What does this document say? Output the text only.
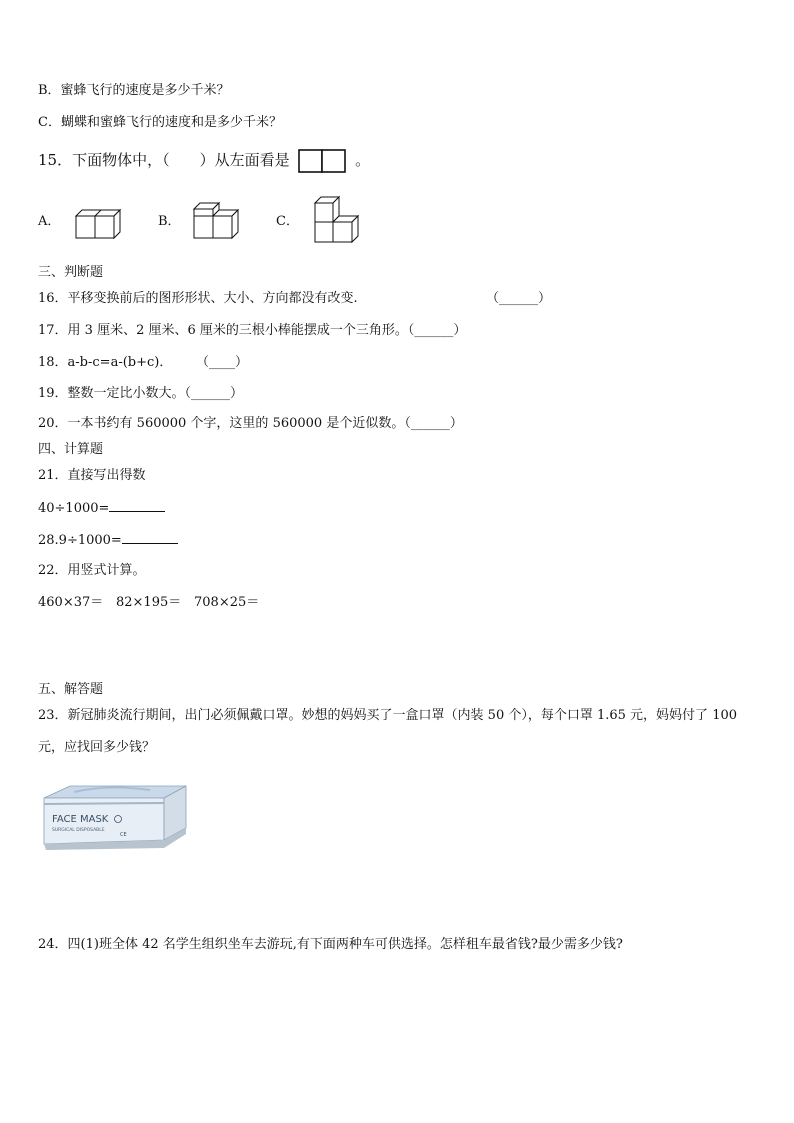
B．蜜蜂飞行的速度是多少千米？
C．蝴蝶和蜜蜂飞行的速度和是多少千米？
15．下面物体中，（　　）从左面看是	。
A．	B．	C．
三、判断题
16．平移变换前后的图形形状、大小、方向都没有改变.	（______）
17．用 3 厘米、2 厘米、6 厘米的三根小棒能摆成一个三角形。（______）
18．a-b-c=a-(b+c)． （____）
19．整数一定比小数大。（______）
20．一本书约有 560000 个字，这里的 560000 是个近似数。（______）
四、计算题
21．直接写出得数
40÷1000=
28.9÷1000=
22．用竖式计算。
460×37＝ 82×195＝ 708×25＝
五、解答题
23．新冠肺炎流行期间，出门必须佩戴口罩。妙想的妈妈买了一盒口罩（内装 50 个），每个口罩 1.65 元，妈妈付了 100
元，应找回多少钱？
FACE MASK
SURGICAL DISPOSABLE
CE
24．四(1)班全体 42 名学生组织坐车去游玩,有下面两种车可供选择。怎样租车最省钱?最少需多少钱?
